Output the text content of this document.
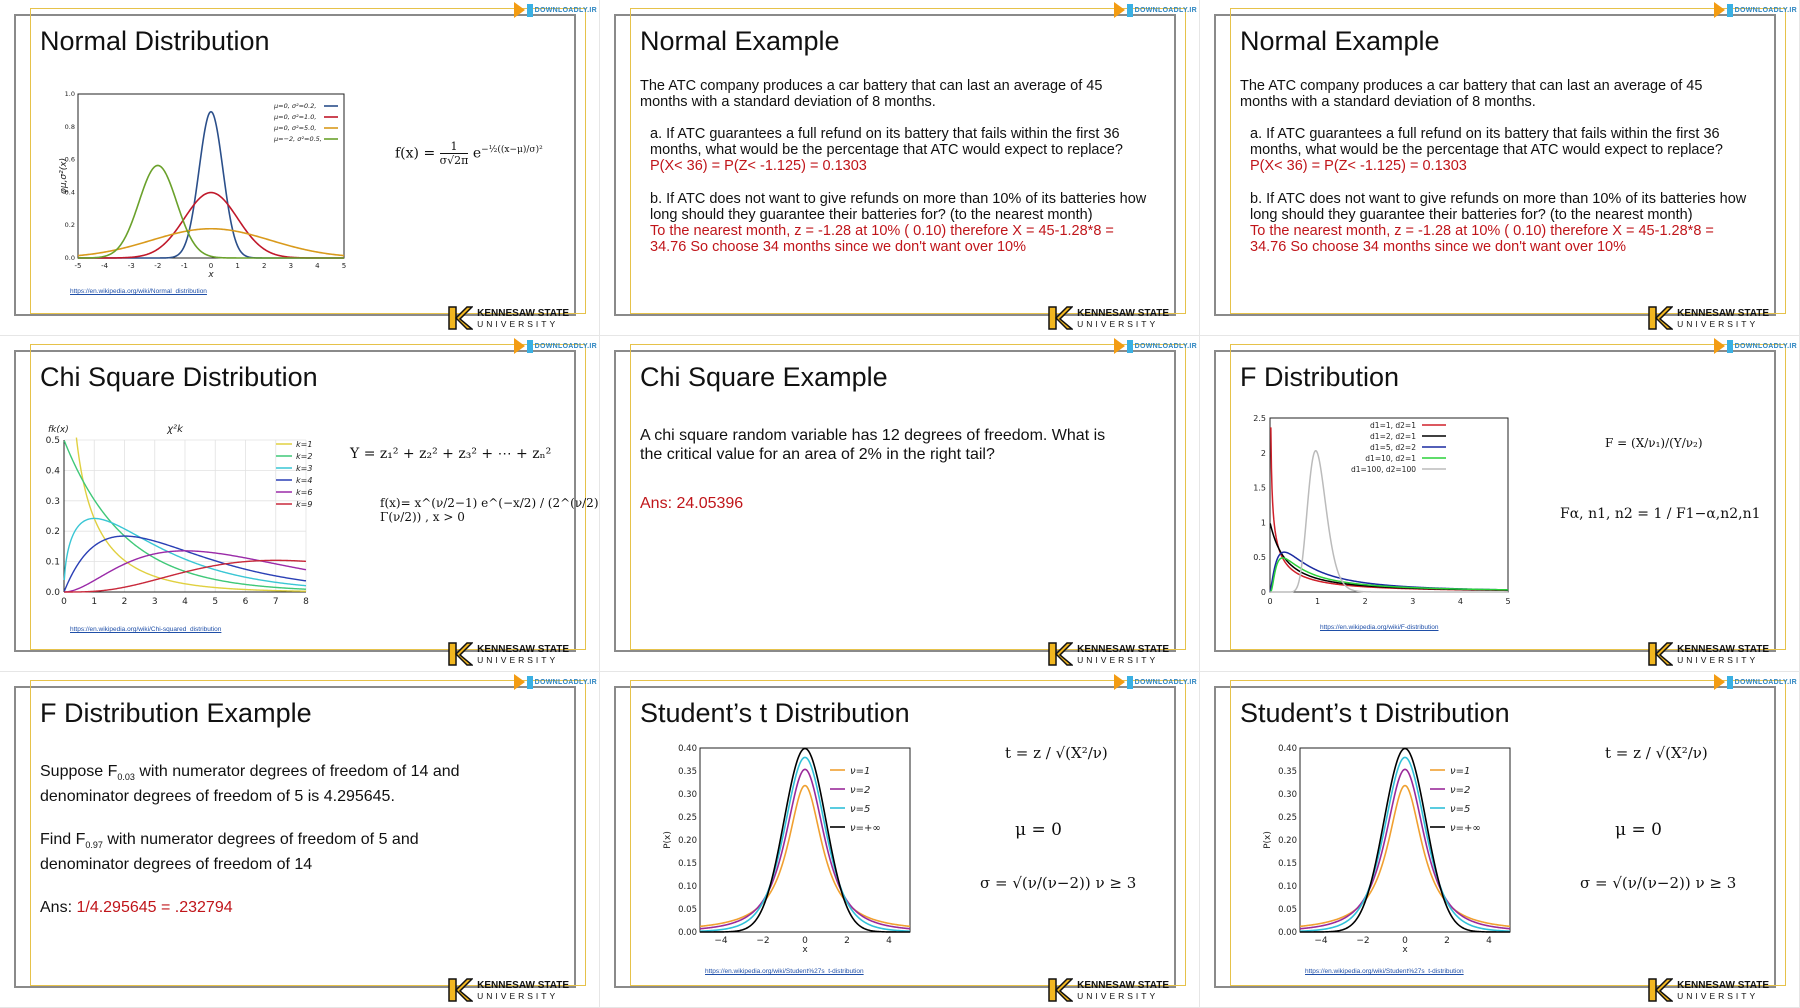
DOWNLOADLY.IR
Normal Distribution
-5	-4	-3	-2	-1	0	1	2	3	4	5
0.0
0.2
0.4
0.6
0.8
1.0
μ=0, σ²=0.2,
μ=0, σ²=1.0,
μ=0, σ²=5.0,
μ=−2, σ²=0.5,
x
φμ,σ²(x)
$f(x) = \frac{1}{\sigma√2\pi} e^{-\frac{1}{2}((x-\mu)/\sigma)^2}$
https://en.wikipedia.org/wiki/Normal_distribution
KENNESAW STATE
UNIVERSITY
DOWNLOADLY.IR
Normal Example
The ATC company produces a car battery that can last an average of 45 months with a standard deviation of 8 months.
a. If ATC guarantees a full refund on its battery that fails within the first 36 months, what would be the percentage that ATC would expect to replace?
P(X< 36) = P(Z< -1.125) = 0.1303
b. If ATC does not want to give refunds on more than 10% of its batteries how long should they guarantee their batteries for? (to the nearest month)
To the nearest month, z = -1.28 at 10% ( 0.10) therefore X = 45-1.28*8 = 34.76 So choose 34 months since we don't want over 10%
KENNESAW STATE
UNIVERSITY
DOWNLOADLY.IR
Normal Example
The ATC company produces a car battery that can last an average of 45 months with a standard deviation of 8 months.
a. If ATC guarantees a full refund on its battery that fails within the first 36 months, what would be the percentage that ATC would expect to replace?
P(X< 36) = P(Z< -1.125) = 0.1303
b. If ATC does not want to give refunds on more than 10% of its batteries how long should they guarantee their batteries for? (to the nearest month)
To the nearest month, z = -1.28 at 10% ( 0.10) therefore X = 45-1.28*8 = 34.76 So choose 34 months since we don't want over 10%
KENNESAW STATE
UNIVERSITY
DOWNLOADLY.IR
Chi Square Distribution
0	1	2	3	4	5	6	7	8
0.0
0.1
0.2
0.3
0.4
0.5
χ²k
fk(x)
k=1
k=2
k=3
k=4
k=6
k=9
Y = z₁² + z₂² + z₃² + ⋯ + zₙ²
f(x)= x^(ν/2−1) e^(−x/2) / (2^(ν/2) Γ(ν/2)) , x > 0
https://en.wikipedia.org/wiki/Chi-squared_distribution
KENNESAW STATE
UNIVERSITY
DOWNLOADLY.IR
Chi Square Example
A chi square random variable has 12 degrees of freedom. What is the critical value for an area of 2% in the right tail?
Ans: 24.05396
KENNESAW STATE
UNIVERSITY
DOWNLOADLY.IR
F Distribution
0	1	2	3	4	5
0
0.5
1
1.5
2
2.5
d1=1, d2=1
d1=2, d2=1
d1=5, d2=2
d1=10, d2=1
d1=100, d2=100
F = (X/ν₁)/(Y/ν₂)
Fα, n1, n2 = 1 / F1−α,n2,n1
https://en.wikipedia.org/wiki/F-distribution
KENNESAW STATE
UNIVERSITY
DOWNLOADLY.IR
F Distribution Example
Suppose $F_{0.03}$ with numerator degrees of freedom of 14 and denominator degrees of freedom of 5 is 4.295645.
Find $F_{0.97}$ with numerator degrees of freedom of 5 and denominator degrees of freedom of 14
Ans: 1/4.295645 = .232794
KENNESAW STATE
UNIVERSITY
DOWNLOADLY.IR
Student’s t Distribution
−4	−2	0	2	4
0.00
0.05
0.10
0.15
0.20
0.25
0.30
0.35
0.40
ν=1
ν=2
ν=5
ν=+∞
x
P(x)
t = z / √(X²/ν)
μ = 0
σ = √(ν/(ν−2)) ν ≥ 3
https://en.wikipedia.org/wiki/Student%27s_t-distribution
KENNESAW STATE
UNIVERSITY
DOWNLOADLY.IR
Student’s t Distribution
−4	−2	0	2	4
0.00
0.05
0.10
0.15
0.20
0.25
0.30
0.35
0.40
ν=1
ν=2
ν=5
ν=+∞
x
P(x)
t = z / √(X²/ν)
μ = 0
σ = √(ν/(ν−2)) ν ≥ 3
https://en.wikipedia.org/wiki/Student%27s_t-distribution
KENNESAW STATE
UNIVERSITY
